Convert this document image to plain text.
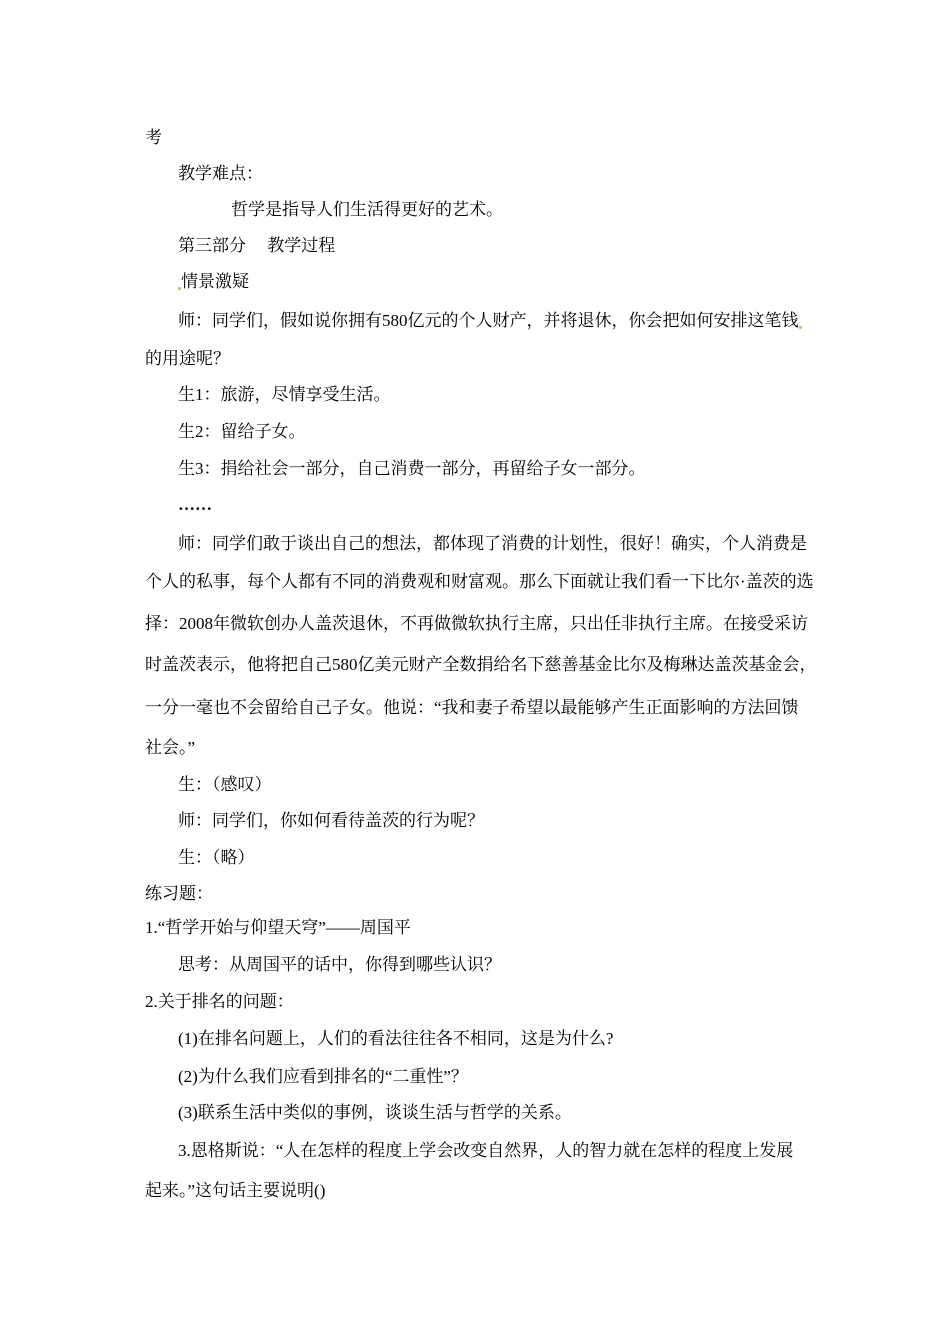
考
教学难点：
哲学是指导人们生活得更好的艺术。
第三部分　 教学过程
情景激疑
师：同学们，假如说你拥有580亿元的个人财产，并将退休，你会把如何安排这笔钱
的用途呢？
生1：旅游，尽情享受生活。
生2：留给子女。
生3：捐给社会一部分，自己消费一部分，再留给子女一部分。
……
师：同学们敢于谈出自己的想法，都体现了消费的计划性，很好！确实，个人消费是
个人的私事，每个人都有不同的消费观和财富观。那么下面就让我们看一下比尔·盖茨的选
择：2008年微软创办人盖茨退休，不再做微软执行主席，只出任非执行主席。在接受采访
时盖茨表示，他将把自己580亿美元财产全数捐给名下慈善基金比尔及梅琳达盖茨基金会，
一分一毫也不会留给自己子女。他说：“我和妻子希望以最能够产生正面影响的方法回馈
社会。”
生：（感叹）
师：同学们，你如何看待盖茨的行为呢？
生：（略）
练习题：
1.“哲学开始与仰望天穹”——周国平
思考：从周国平的话中，你得到哪些认识？
2.关于排名的问题：
(1)在排名问题上，人们的看法往往各不相同，这是为什么?
(2)为什么我们应看到排名的“二重性”？
(3)联系生活中类似的事例，谈谈生活与哲学的关系。
3.恩格斯说：“人在怎样的程度上学会改变自然界，人的智力就在怎样的程度上发展
起来。”这句话主要说明()
